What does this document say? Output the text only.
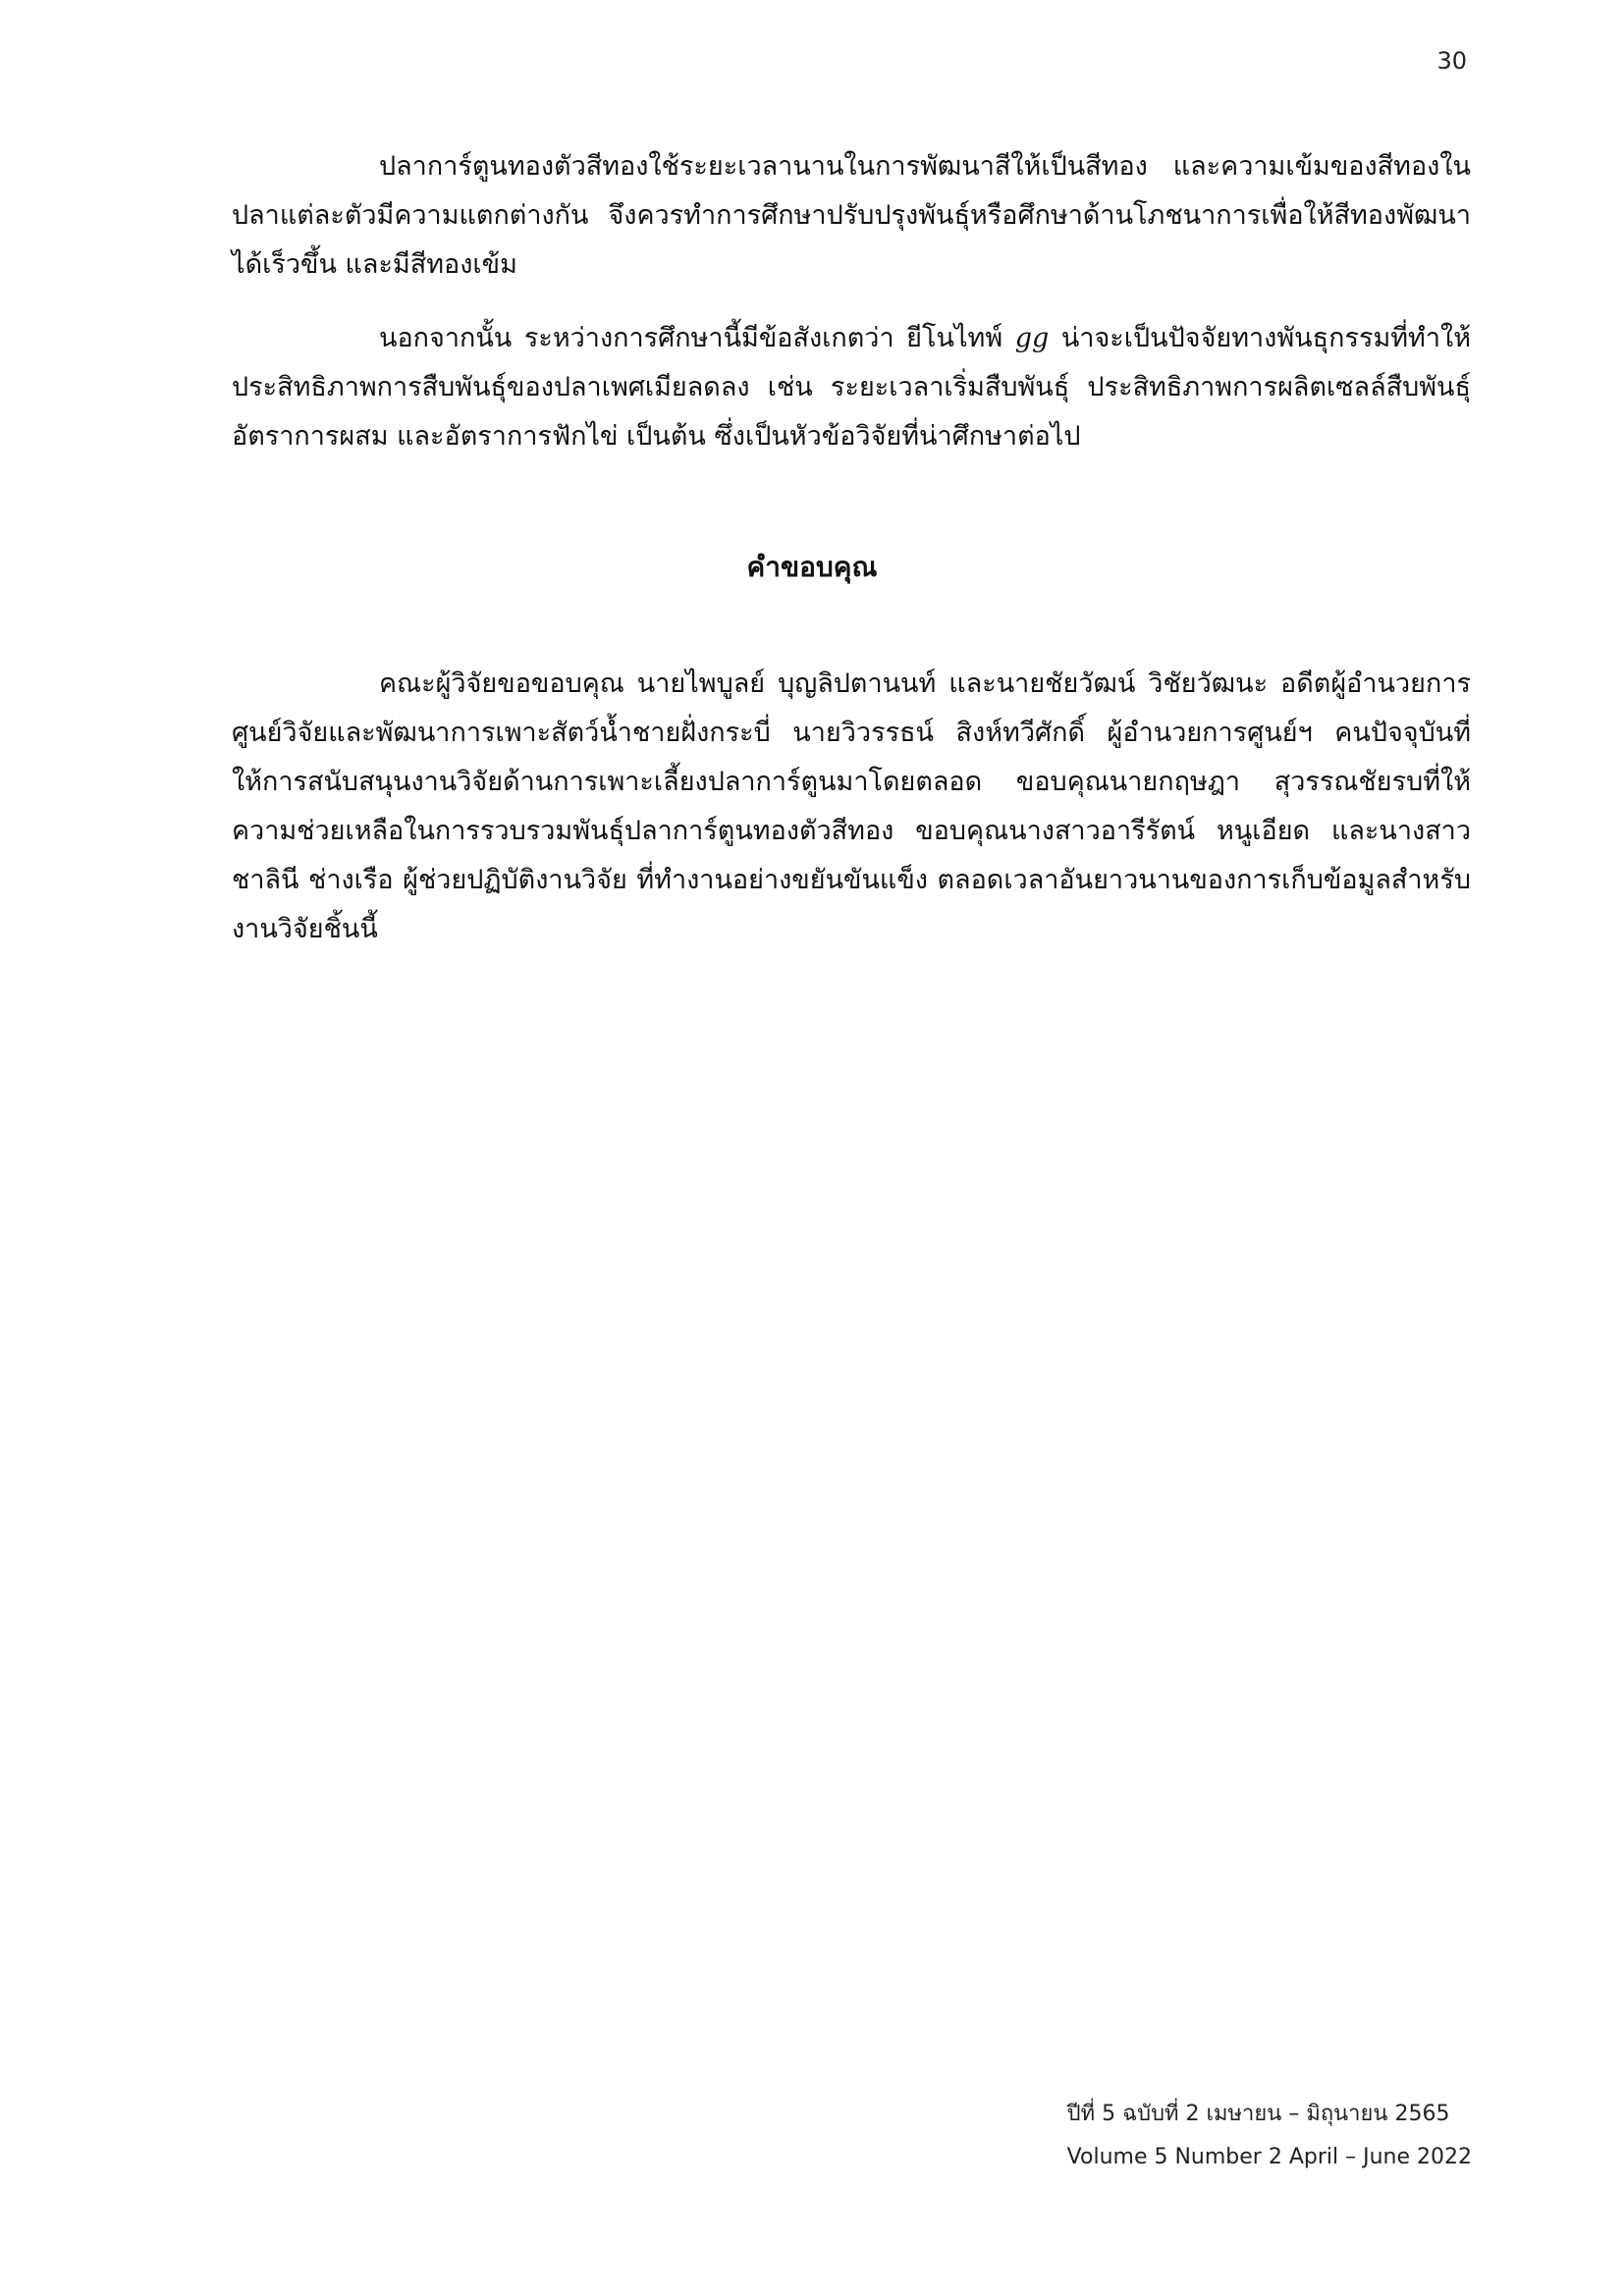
30

ปลาการ์ตูนทองตัวสีทองใช้ระยะเวลานานในการพัฒนาสีให้เป็นสีทอง และความเข้มของสีทองในปลาแต่ละตัวมีความแตกต่างกัน จึงควรทำการศึกษาปรับปรุงพันธุ์หรือศึกษาด้านโภชนาการเพื่อให้สีทองพัฒนาได้เร็วขึ้น และมีสีทองเข้ม

นอกจากนั้น ระหว่างการศึกษานี้มีข้อสังเกตว่า ยีโนไทพ์ gg น่าจะเป็นปัจจัยทางพันธุกรรมที่ทำให้ประสิทธิภาพการสืบพันธุ์ของปลาเพศเมียลดลง เช่น ระยะเวลาเริ่มสืบพันธุ์ ประสิทธิภาพการผลิตเซลล์สืบพันธุ์ อัตราการผสม และอัตราการฟักไข่ เป็นต้น ซึ่งเป็นหัวข้อวิจัยที่น่าศึกษาต่อไป

คำขอบคุณ

คณะผู้วิจัยขอขอบคุณ นายไพบูลย์ บุญลิปตานนท์ และนายชัยวัฒน์ วิชัยวัฒนะ อดีตผู้อำนวยการศูนย์วิจัยและพัฒนาการเพาะสัตว์น้ำชายฝั่งกระบี่ นายวิวรรธน์ สิงห์ทวีศักดิ์ ผู้อำนวยการศูนย์ฯ คนปัจจุบันที่ให้การสนับสนุนงานวิจัยด้านการเพาะเลี้ยงปลาการ์ตูนมาโดยตลอด ขอบคุณนายกฤษฎา สุวรรณชัยรบที่ให้ความช่วยเหลือในการรวบรวมพันธุ์ปลาการ์ตูนทองตัวสีทอง ขอบคุณนางสาวอารีรัตน์ หนูเอียด และนางสาวชาลินี ช่างเรือ ผู้ช่วยปฏิบัติงานวิจัย ที่ทำงานอย่างขยันขันแข็ง ตลอดเวลาอันยาวนานของการเก็บข้อมูลสำหรับงานวิจัยชิ้นนี้

ปีที่ 5 ฉบับที่ 2 เมษายน – มิถุนายน 2565
Volume 5 Number 2 April – June 2022
